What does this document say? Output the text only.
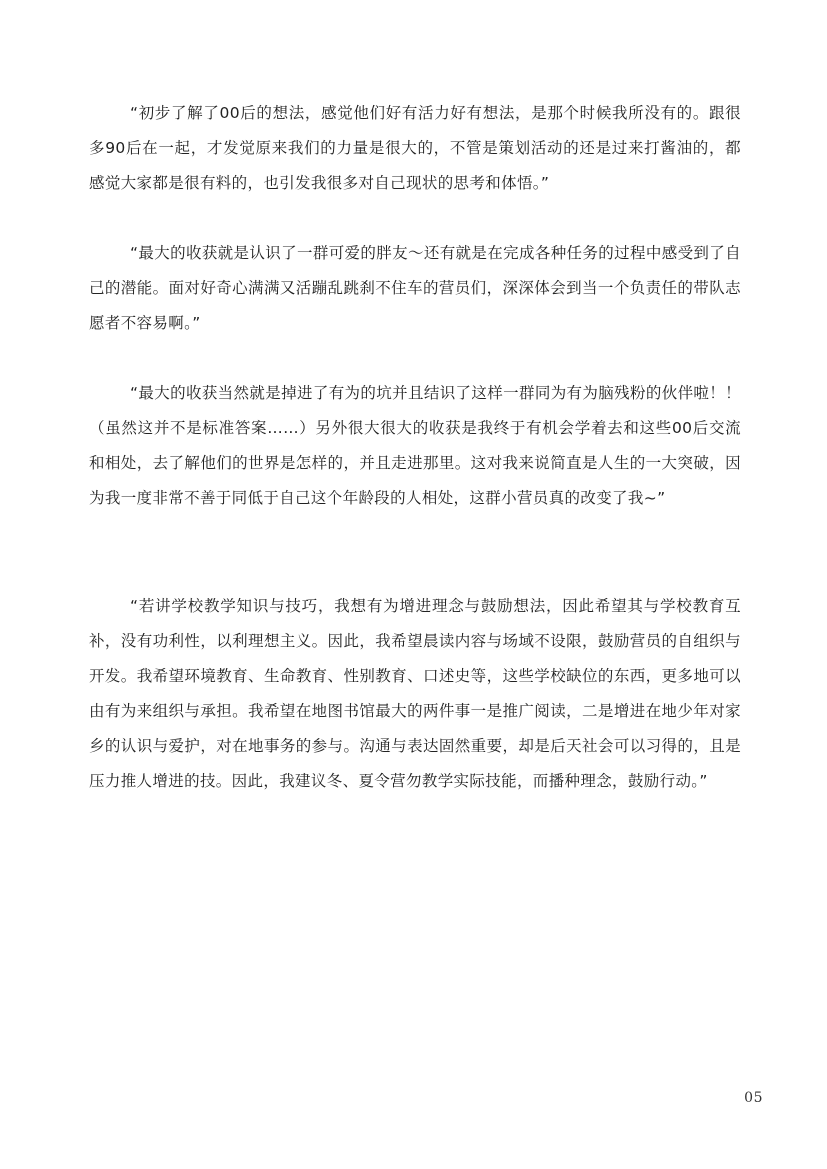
“初步了解了00后的想法，感觉他们好有活力好有想法，是那个时候我所没有的。跟很多90后在一起，才发觉原来我们的力量是很大的，不管是策划活动的还是过来打酱油的，都感觉大家都是很有料的，也引发我很多对自己现状的思考和体悟。”

“最大的收获就是认识了一群可爱的胖友～还有就是在完成各种任务的过程中感受到了自己的潜能。面对好奇心满满又活蹦乱跳刹不住车的营员们，深深体会到当一个负责任的带队志愿者不容易啊。”

“最大的收获当然就是掉进了有为的坑并且结识了这样一群同为有为脑残粉的伙伴啦！！（虽然这并不是标准答案……）另外很大很大的收获是我终于有机会学着去和这些00后交流和相处，去了解他们的世界是怎样的，并且走进那里。这对我来说简直是人生的一大突破，因为我一度非常不善于同低于自己这个年龄段的人相处，这群小营员真的改变了我~”

“若讲学校教学知识与技巧，我想有为增进理念与鼓励想法，因此希望其与学校教育互补，没有功利性，以利理想主义。因此，我希望晨读内容与场域不设限，鼓励营员的自组织与开发。我希望环境教育、生命教育、性别教育、口述史等，这些学校缺位的东西，更多地可以由有为来组织与承担。我希望在地图书馆最大的两件事一是推广阅读，二是增进在地少年对家乡的认识与爱护，对在地事务的参与。沟通与表达固然重要，却是后天社会可以习得的，且是压力推人增进的技。因此，我建议冬、夏令营勿教学实际技能，而播种理念，鼓励行动。”

05
